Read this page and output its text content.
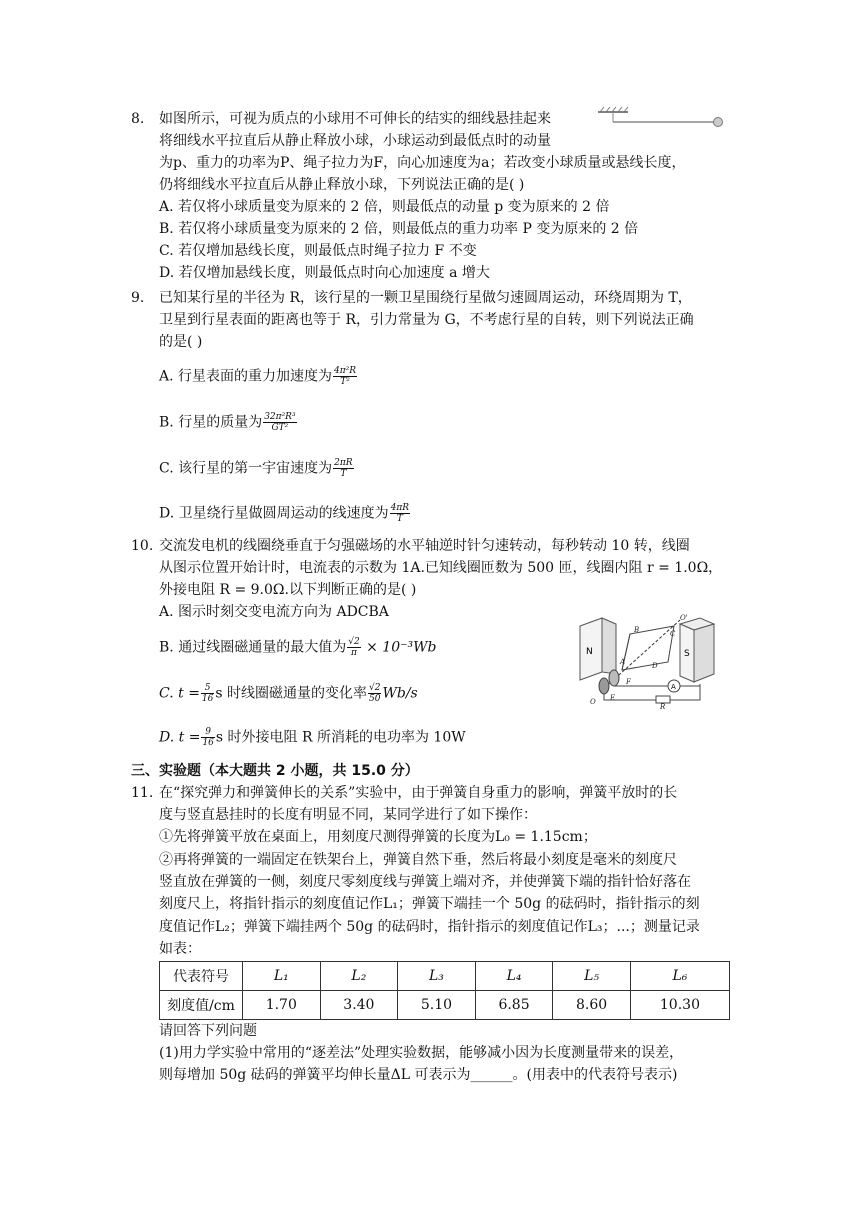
8. 如图所示，可视为质点的小球用不可伸长的结实的细线悬挂起来
将细线水平拉直后从静止释放小球，小球运动到最低点时的动量
为p、重力的功率为P、绳子拉力为F，向心加速度为a；若改变小球质量或悬线长度，
仍将细线水平拉直后从静止释放小球，下列说法正确的是( )
A. 若仅将小球质量变为原来的 2 倍，则最低点的动量 p 变为原来的 2 倍
B. 若仅将小球质量变为原来的 2 倍，则最低点的重力功率 P 变为原来的 2 倍
C. 若仅增加悬线长度，则最低点时绳子拉力 F 不变
D. 若仅增加悬线长度，则最低点时向心加速度 a 增大
9. 已知某行星的半径为 R，该行星的一颗卫星围绕行星做匀速圆周运动，环绕周期为 T，
卫星到行星表面的距离也等于 R，引力常量为 G，不考虑行星的自转，则下列说法正确
的是( )
A. 行星表面的重力加速度为 $\frac{\text{4π²R}}{\text{T²}}$
B. 行星的质量为 $\frac{\text{32π²R³}}{\text{GT²}}$
C. 该行星的第一宇宙速度为 $\frac{2\pi R}{T}$
D. 卫星绕行星做圆周运动的线速度为 $\frac{4\pi R}{T}$
10. 交流发电机的线圈绕垂直于匀强磁场的水平轴逆时针匀速转动，每秒转动 10 转，线圈
从图示位置开始计时，电流表的示数为 1A.已知线圈匝数为 500 匝，线圈内阻 r = 1.0Ω，
外接电阻 R = 9.0Ω.以下判断正确的是( )
A. 图示时刻交变电流方向为 ADCBA
B. 通过线圈磁通量的最大值为 $\frac{√2}{\pi} \times 10^{-3}Wb$
C. $t = \frac{5}{16}$ s 时线圈磁通量的变化率 $\frac{√2}{50} Wb/s$
D. $t = \frac{9}{16}$ s 时外接电阻 R 所消耗的电功率为 10W
N	S
A
A
B	C
D
E
F
O
O'
R
三、实验题（本大题共 2 小题，共 15.0 分）
11. 在“探究弹力和弹簧伸长的关系”实验中，由于弹簧自身重力的影响，弹簧平放时的长
度与竖直悬挂时的长度有明显不同，某同学进行了如下操作：
①先将弹簧平放在桌面上，用刻度尺测得弹簧的长度为L₀ = 1.15cm；
②再将弹簧的一端固定在铁架台上，弹簧自然下垂，然后将最小刻度是毫米的刻度尺
竖直放在弹簧的一侧，刻度尺零刻度线与弹簧上端对齐，并使弹簧下端的指针恰好落在
刻度尺上，将指针指示的刻度值记作L₁；弹簧下端挂一个 50g 的砝码时，指针指示的刻
度值记作L₂；弹簧下端挂两个 50g 的砝码时，指针指示的刻度值记作L₃；...；测量记录
如表：
代表符号	L₁	L₂	L₃	L₄	L₅	L₆
刻度值/cm	1.70	3.40	5.10	6.85	8.60	10.30
请回答下列问题
(1)用力学实验中常用的“逐差法”处理实验数据，能够减小因为长度测量带来的误差，
则每增加 50g 砝码的弹簧平均伸长量ΔL 可表示为______。(用表中的代表符号表示)
